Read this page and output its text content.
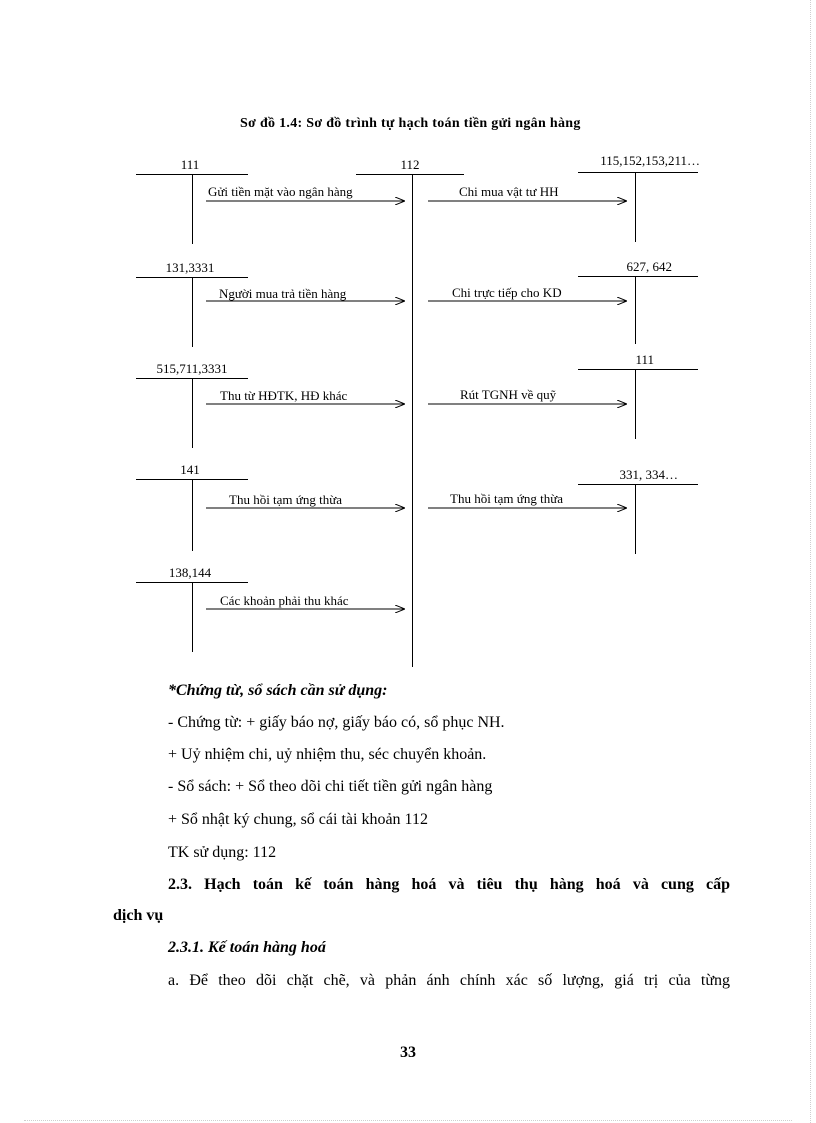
Sơ đồ 1.4: Sơ đồ trình tự hạch toán tiền gửi ngân hàng
112
111
Gửi tiền mặt vào ngân hàng
131,3331
Người mua trả tiền hàng
515,711,3331
Thu từ HĐTK, HĐ khác
141
Thu hồi tạm ứng thừa
138,144
Các khoản phải thu khác
115,152,153,211…
Chi mua vật tư HH
627, 642
Chi trực tiếp cho KD
111
Rút TGNH về quỹ
331, 334…
Thu hồi tạm ứng thừa
*Chứng từ, sổ sách cần sử dụng:
- Chứng từ: + giấy báo nợ, giấy báo có, sổ phục NH.
+ Uỷ nhiệm chi, uỷ nhiệm thu, séc chuyển khoản.
- Sổ sách: + Sổ theo dõi chi tiết tiền gửi ngân hàng
+ Sổ nhật ký chung, sổ cái tài khoản 112
TK sử dụng: 112
2.3. Hạch toán kế toán hàng hoá và tiêu thụ hàng hoá và cung cấp
dịch vụ
2.3.1. Kế toán hàng hoá
a. Để theo dõi chặt chẽ, và phản ánh chính xác số lượng, giá trị của từng
33
